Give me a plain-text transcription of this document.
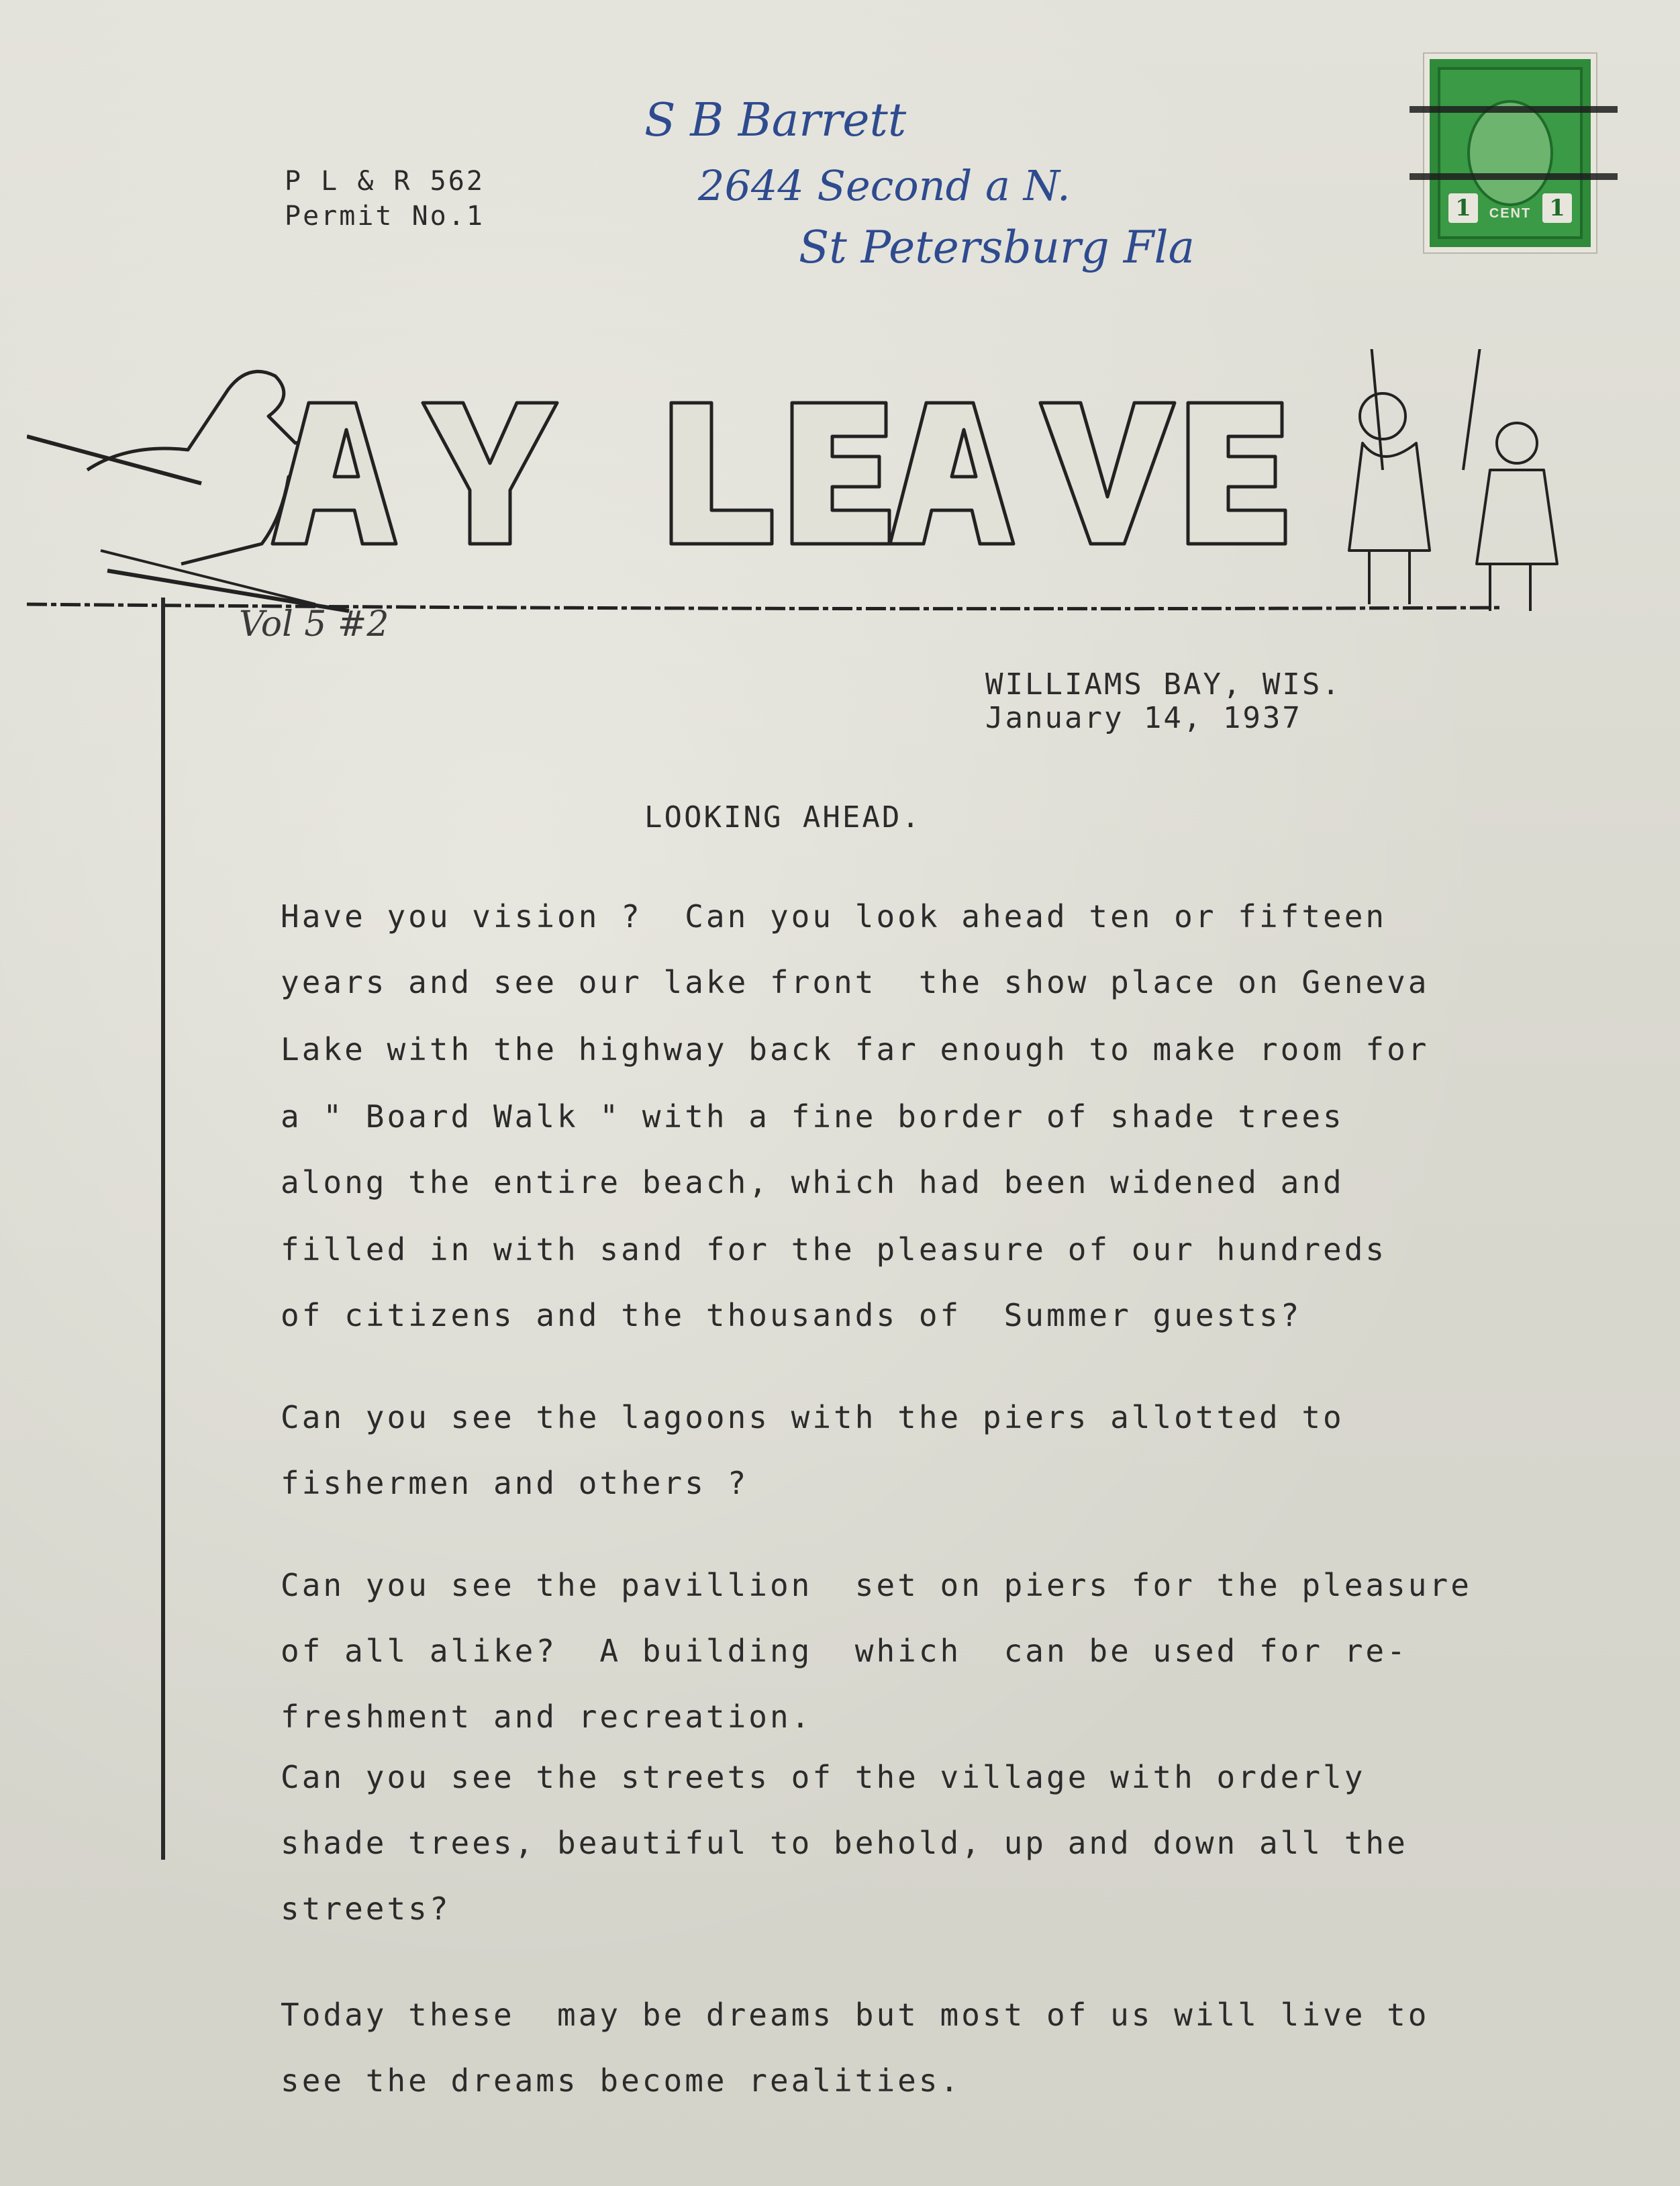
1	1
CENT
S B Barrett
2644 Second a N.
St Petersburg Fla
P L & R 562
Permit No.1
Vol 5 #2
WILLIAMS BAY, WIS.
January 14, 1937
LOOKING AHEAD.
Have you vision ?  Can you look ahead ten or fifteen
years and see our lake front  the show place on Geneva
Lake with the highway back far enough to make room for
a " Board Walk " with a fine border of shade trees
along the entire beach, which had been widened and
filled in with sand for the pleasure of our hundreds
of citizens and the thousands of  Summer guests?
Can you see the lagoons with the piers allotted to
fishermen and others ?
Can you see the pavillion  set on piers for the pleasure
of all alike?  A building  which  can be used for re-
freshment and recreation.
Can you see the streets of the village with orderly
shade trees, beautiful to behold, up and down all the
streets?
Today these  may be dreams but most of us will live to
see the dreams become realities.
